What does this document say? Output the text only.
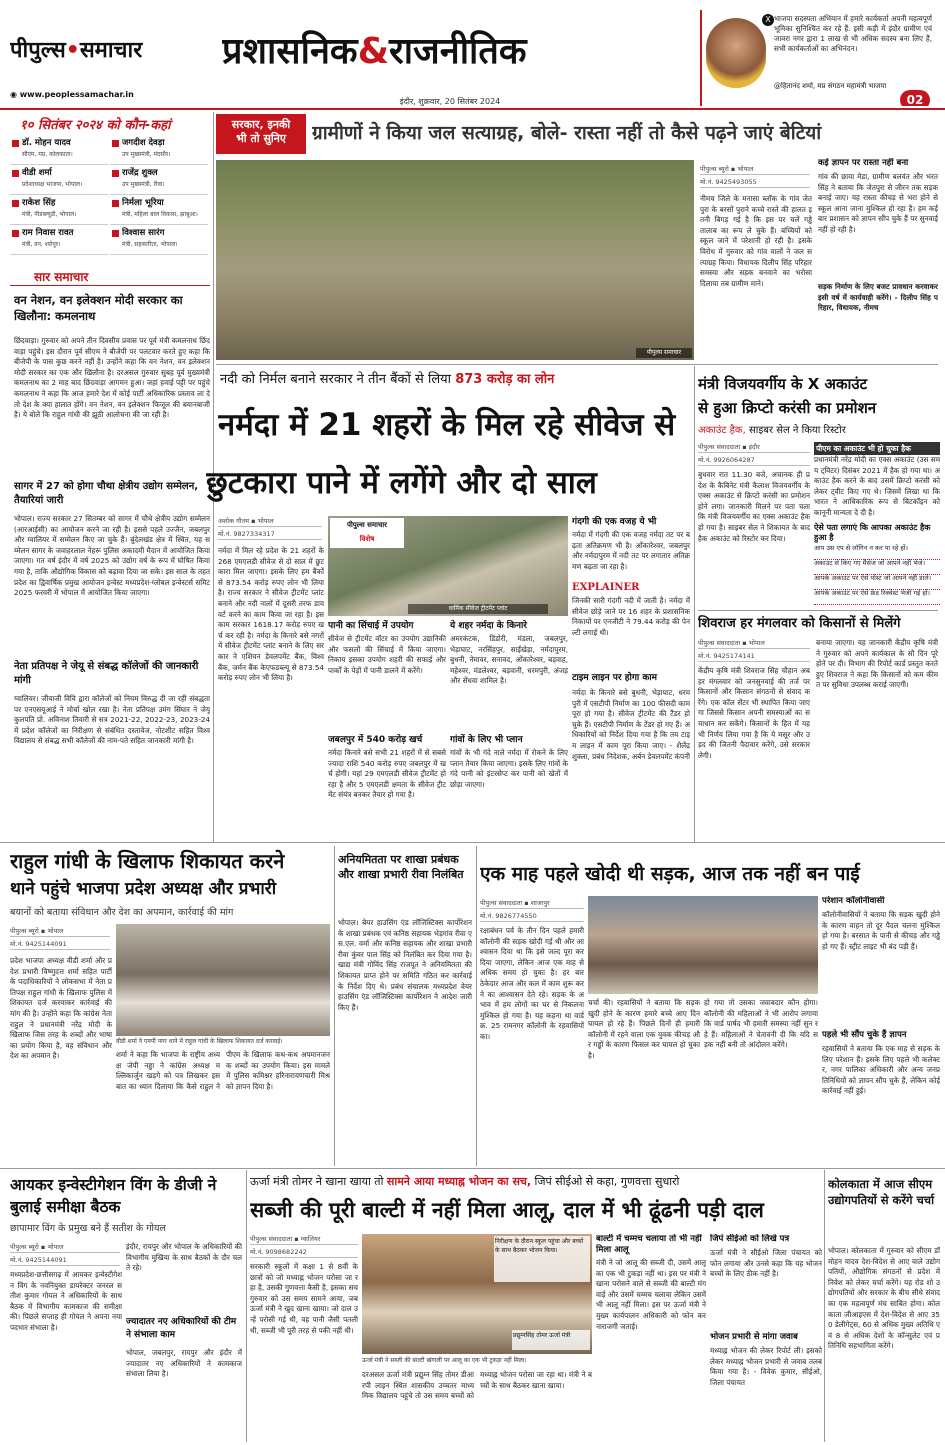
पीपुल्स•समाचार	प्रशासनिक&राजनीतिक
◉ www.peoplessamachar.in
इंदौर, शुक्रवार, 20 सितंबर 2024
X भाजपा सदस्यता अभियान में हमारे कार्यकर्ता अपनी महत्वपूर्ण भूमिका सुनिश्चित कर रहे हैं. इसी कड़ी में इंदौर ग्रामीण एवं जावरा नगर द्वारा 1 लाख से भी अधिक सदस्य बना लिए हैं, सभी कार्यकर्ताओं का अभिनंदन।
@हितानंद शर्मा, मप्र संगठन महामंत्री भाजपा
02
१० सितंबर २०२४ को कौन-कहां
डॉ. मोहन यादव
सीएम, मप्र, कोलकाता।
जगदीश देवड़ा
उप मुख्यमंत्री, मंदसौर।
वीडी शर्मा
प्रदेशाध्यक्ष भाजपा, भोपाल।
राजेंद्र शुक्ल
उप मुख्यमंत्री, रीवा।
राकेश सिंह
मंत्री, पीडब्ल्यूडी, भोपाल।
निर्मला भूरिया
मंत्री, महिला बाल विकास, झाबुआ।
राम निवास रावत
मंत्री, वन, श्योपुर।
विश्वास सारंग
मंत्री, सहकारिता, भोपाल।
सार समाचार
वन नेशन, वन इलेक्शन मोदी सरकार का खिलौना: कमलनाथ
छिंदवाड़ा। गुरुवार को अपने तीन दिवसीय प्रवास पर पूर्व मंत्री कमलनाथ छिंदवाड़ा पहुंचे। इस दौरान पूर्व सीएम ने बीजेपी पर पलटवार करते हुए कहा कि बीजेपी के पास कुछ करने नहीं है। उन्होंने कहा कि वन नेशन, वन इलेक्शन मोदी सरकार का एक और खिलौना है। दरअसल गुरुवार सुबह पूर्व मुख्यमंत्री कमलनाथ का 2 माह बाद छिंदवाड़ा आगमन हुआ। जहां हवाई पट्टी पर पहुंचे कमलनाथ ने कहा कि आज हमारे देश में कोई पार्टी अधिकारिक प्रस्ताव ला दे तो देश के क्या हालात होंगे। वन नेशन, वन इलेक्शन फिजूल की बयानबाजी है। ये बोले कि राहुल गांधी की झूठी आलोचना की जा रही है।
सागर में 27 को होगा चौथा क्षेत्रीय उद्योग सम्मेलन, तैयारियां जारी
भोपाल। राज्य सरकार 27 सितम्बर को सागर में चौथे क्षेत्रीय उद्योग सम्मेलन (आरआईसी) का आयोजन करने जा रही है। इससे पहले उज्जैन, जबलपुर और ग्वालियर में सम्मेलन किए जा चुके हैं। बुंदेलखंड क्षेत्र में स्थित, यह सम्मेलन सागर के जवाहरलाल नेहरू पुलिस अकादमी मैदान में आयोजित किया जाएगा। गत वर्ष इंदौर में वर्ष 2025 को उद्योग वर्ष के रूप में घोषित किया गया है, ताकि औद्योगिक विकास को बढ़ावा दिया जा सके। इस साल के तहत प्रदेश का द्विवार्षिक प्रमुख आयोजन इन्वेस्ट मध्यप्रदेश-ग्लोबल इन्वेस्टर्स समिट 2025 फरवरी में भोपाल में आयोजित किया जाएगा।
नेता प्रतिपक्ष ने जेयू से संबद्ध कॉलेजों की जानकारी मांगी
ग्वालियर। जीवाजी विवि द्वारा कॉलेजों को नियम विरुद्ध दी जा रही संबद्धता पर एनएसयूआई ने मोर्चा खोल रखा है। नेता प्रतिपक्ष उमंग सिंघार ने जेयू कुलपति प्रो. अविनाश तिवारी से सत्र 2021-22, 2022-23, 2023-24 में प्रदेश कॉलेजों का निरीक्षण से संबंधित दस्तावेज, नोटशीट सहित विश्वविद्यालय से संबद्ध सभी कॉलेजों की नाम-पते सहित जानकारी मांगी है।
सरकार, इनकी
भी तो सुनिए	ग्रामीणों ने किया जल सत्याग्रह, बोले- रास्ता नहीं तो कैसे पढ़ने जाएं बेटियां
पीपुल्स समाचार
पीपुल्स ब्यूरो ▪ भोपाल
मो.नं. 9425493055
नीमच जिले के मनासा ब्लॉक के गांव जेतपुरा के बरसों पुराने कच्चे रास्ते की हालत इतनी बिगड़ गई है कि इस पर चलें गड्ढे तालाब का रूप ले चुके हैं। बच्चियों को स्कूल जाने में परेशानी हो रही है। इसके विरोध में गुरुवार को गांव वालों ने जल सत्याग्रह किया। विधायक दिलीप सिंह परिहार समस्या और सड़क बनवाने का भरोसा दिलाया तब ग्रामीण माने।
कई ज्ञापन पर रास्ता नहीं बना
गांव की छाया मेडा, ग्रामीण बलवंत और भरत सिंह ने बताया कि जेतपुरा से जीरन तक सड़क बनाई जाए। यह रास्ता कीचड़ से भरा होने से स्कूल आना जाना मुश्किल हो रहा है। हम कई बार प्रशासन को ज्ञापन सौंप चुके हैं पर सुनवाई नहीं हो रही है।
सड़क निर्माण के लिए बजट प्रावधान करवाकर इसी वर्ष में कार्यवाही करेंगे। - दिलीप सिंह परिहार, विधायक, नीमच
नदी को निर्मल बनाने सरकार ने तीन बैंकों से लिया 873 करोड़ का लोन
नर्मदा में 21 शहरों के मिल रहे सीवेज से
छुटकारा पाने में लगेंगे और दो साल
अशोक गौतम ▪ भोपाल
मो.नं. 9827334317
नर्मदा में मिल रहे प्रदेश के 21 शहरों के 268 एमएलडी सीवेज से दो साल में छुटकारा मिल जाएगा। इसके लिए हम बैंकों से 873.54 करोड़ रुपए लोन भी लिया है। राज्य सरकार ने सीवेज ट्रीटमेंट प्लांट बनाने और नदी नालों में दूसरी तरफ डायवर्ट करने का काम किया जा रहा है। इस काम सरकार 1618.17 करोड़ रुपए खर्च कर रही है। नर्मदा के किनारे बसे नगरों में सीवेज ट्रीटमेंट प्लांट बनाने के लिए सरकार ने एशियन डेवलपमेंट बैंक, विश्व बैंक, जर्मन बैंक केएफडब्ल्यू से 873.54 करोड़ रुपए लोन भी लिया है।
पीपुल्स समाचार
विशेष
धार्मिक सीवेज ट्रीटमेंट प्लांट
पानी का सिंचाई में उपयोग
सीवेज से ट्रीटमेंट वॉटर का उपयोग उद्यानिकी और फसलों की सिंचाई में किया जाएगा। निकाय इसका उपयोग शहरी की सफाई और पार्कों के पेड़ों में पानी डालने में करेंगे।
जबलपुर में 540 करोड़ खर्च
नर्मदा किनारे बसे सभी 21 शहरों में से सबसे ज्यादा राशि 540 करोड़ रुपए जबलपुर में खर्च होगी। यहां 29 एमएलडी सीवेज ट्रीटमेंट हो रहा है और 5 एमएलडी क्षमता के सीवेज ट्रीटमेंट संयंत्र बनकर तैयार हो गया है।
ये शहर नर्मदा के किनारे
अमरकंटक, डिंडोरी, मंडला, जबलपुर, भेड़ाघाट, नरसिंहपुर, साईंखेड़ा, नर्मदापुरम, बुधनी, नेमावर, सनावद, ओंकारेश्वर, बड़वाह, महेश्वर, मंडलेश्वर, बड़वानी, धरमपुरी, अंजड़ और सेंधवा शामिल है।
गांवों के लिए भी प्लान
गांवों के भी गंदे नाले नर्मदा में रोकने के लिए प्लान तैयार किया जाएगा। इसके लिए गांवों के गंदे पानी को इंटरसेप्ट कर पानी को खेतों में छोड़ा जाएगा।
गंदगी की एक वजह ये भी
नर्मदा में गंदगी की एक वजह नर्मदा तट पर बढ़ता अतिक्रमण भी है। ओंकारेश्वर, जबलपुर और नर्मदापुरम में नदी तट पर लगातार अतिक्रमण बढ़ता जा रहा है।
EXPLAINER
जिनकी सारी गंदगी नदी में जाती है। नर्मदा में सीवेज छोड़े जाने पर 16 शहर के प्रशासनिक निकायों पर एनजीटी ने 79.44 करोड़ की पेनल्टी लगाई थी।
टाइम लाइन पर होगा काम
नर्मदा के किनारे बसे बुधनी, भेड़ाघाट, धरमपुरी में एसटीपी निर्माण का 100 फीसदी काम पूरा हो गया है। सीवेज ट्रीटमेंट की टैंडर हो चुके हैं। एसटीपी निर्माण के टेंडर हो गए हैं। अधिकारियों को निर्देश दिया गया है कि तय टाइम लाइन में काम पूरा किया जाए। - शैलेंद्र शुक्ला, प्रबंध निदेशक, अर्बन डेवलपमेंट कंपनी
मंत्री विजयवर्गीय के X अकाउंट
से हुआ क्रिप्टो करंसी का प्रमोशन
अकाउंट हैक, साइबर सेल ने किया रिस्टोर
पीपुल्स संवाददाता ▪ इंदौर
मो.नं. 9926064287
बुधवार रात 11.30 बजे, अचानक ही प्रदेश के कैबिनेट मंत्री कैलाश विजयवर्गीय के एक्स अकाउंट से क्रिप्टो करंसी का प्रमोशन होने लगा। जानकारी मिलने पर पता चला कि मंत्री विजयवर्गीय का एक्स अकाउंट हैक हो गया है। साइबर सेल ने शिकायत के बाद हैक अकाउंट को रिस्टोर कर दिया।
पीएम का अकाउंट भी हो चुका हैक
प्रधानमंत्री नरेंद्र मोदी का एक्स अकाउंट (उस समय ट्विटर) दिसंबर 2021 में हैक हो गया था। अकाउंट हैक करने के बाद उसमें क्रिप्टो करंसी को लेकर ट्वीट किए गए थे। जिसमें लिखा था कि भारत ने आधिकारिक रूप से बिटकॉइन को कानूनी मान्यता दे दी है।
ऐसे पता लगाएं कि आपका अकाउंट हैक हुआ है
आप उस एप से लॉगिन न कर पा रहे हों।
अकाउंट से किए गए मैसेज जो आपने नहीं भेजे।
आपके अकाउंट पर ऐसे पोस्ट जो आपने नहीं डाले।
आपके अकाउंट पर ऐसे फ्रेंड रिक्वेस्ट भेजी गई हों।
शिवराज हर मंगलवार को किसानों से मिलेंगे
पीपुल्स संवाददाता ▪ भोपाल
मो.नं. 9425174141
केंद्रीय कृषि मंत्री शिवराज सिंह चौहान अब हर मंगलवार को जनसुनवाई की तर्ज पर किसानों और किसान संगठनों से संवाद करेंगे। एक कॉल सेंटर भी स्थापित किया जाएगा जिससे किसान अपनी समस्याओं का समाधान कर सकेंगे। किसानों के हित में यह भी निर्णय लिया गया है कि ये मसूर और उड़द की जितनी पैदावार करेंगे, उसे सरकार लेगी।
बनाया जाएगा। यह जानकारी केंद्रीय कृषि मंत्री ने गुरुवार को अपने कार्यकाल के सौ दिन पूरे होने पर दी। विभाग की रिपोर्ट कार्ड प्रस्तुत करते हुए शिवराज ने कहा कि किसानों को कम कीमत पर सुविधा उपलब्ध कराई जाएगी।
राहुल गांधी के खिलाफ शिकायत करने
थाने पहुंचे भाजपा प्रदेश अध्यक्ष और प्रभारी
बयानों को बताया संविधान और देश का अपमान, कार्रवाई की मांग
पीपुल्स ब्यूरो ▪ भोपाल
मो.नं. 9425144091
प्रदेश भाजपा अध्यक्ष वीडी शर्मा और प्रदेश प्रभारी विष्णुदत्त शर्मा सहित पार्टी के पदाधिकारियों ने लोकसभा में नेता प्रतिपक्ष राहुल गांधी के खिलाफ पुलिस में शिकायत दर्ज करवाकर कार्रवाई की मांग की है। उन्होंने कहा कि कांग्रेस नेता राहुल ने प्रधानमंत्री नरेंद्र मोदी के खिलाफ जिस तरह के शब्दों और भाषा का प्रयोग किया है, वह संविधान और देश का अपमान है।
वीडी शर्मा ने एमपी नगर थाने में राहुल गांधी के खिलाफ शिकायत दर्ज करवाई।
शर्मा ने कहा कि भाजपा के राष्ट्रीय अध्यक्ष जेपी नड्डा ने कांग्रेस अध्यक्ष मल्लिकार्जुन खड़गे को पत्र लिखकर इस बात का ध्यान दिलाया कि कैसे राहुल ने पीएम के खिलाफ कथ-कथ अपमानजनक शब्दों का उपयोग किया। इस मामले में पुलिस कमिश्नर हरिनारायणचारी मिश्र को ज्ञापन दिया है।
अनियमितता पर शाखा प्रबंधक और शाखा प्रभारी रीवा निलंबित
भोपाल। बेयर हाउसिंग एंड लॉजिस्टिक्स कार्पोरेशन के शाखा प्रबंधक एवं कनिष्ठ सहायक भेड़गांव रीवा एस.एल. वर्मा और कनिष्ठ सहायक और शाखा प्रभारी रीवा कुंवर पाल सिंह को निलंबित कर दिया गया है। खाद्य मंत्री गोविंद सिंह राजपूत ने अनियमितता की शिकायत प्राप्त होने पर समिति गठित कर कार्रवाई के निर्देश दिए थे। प्रबंध संचालक मध्यप्रदेश वेयर हाउसिंग एंड लॉजिस्टिक्स कार्पोरेशन ने आदेश जारी किए हैं।
एक माह पहले खोदी थी सड़क, आज तक नहीं बन पाई
पीपुल्स संवाददाता ▪ शाजापुर
मो.नं. 9826774550
रक्षाबंधन पर्व के तीन दिन पहले हमारी कॉलोनी की सड़क खोदी गई थी और आश्वासन दिया था कि इसे जल्द पूरा कर दिया जाएगा, लेकिन आज एक माह से अधिक समय हो चुका है। हर बार ठेकेदार आज और कल में काम शुरू करने का आश्वासन देते रहे। सड़क के अभाव में हम लोगों का घर से निकलना मुश्किल हो गया है। यह कहना था वार्ड क्र. 25 रामनगर कॉलोनी के रहवासियों का।
चर्चा की। रहवासियों ने बताया कि सड़क खुदी होने के कारण हमारे बच्चे आए दिन घायल हो रहे हैं। पिछले दिनों ही हमारी कॉलोनी में रहने वाला एक युवक कीचड़ और गड्ढों के कारण फिसल कर घायल हो चुका है।
हो गया तो उसका जवाबदार कौन होगा। कॉलोनी की महिलाओं ने भी आरोप लगाया कि वार्ड पार्षद भी हमारी समस्या नहीं सुन रहे हैं। महिलाओं ने चेतावनी दी कि यदि सड़क नहीं बनी तो आंदोलन करेंगे।
परेशान कॉलोनीवासी
कॉलोनीवासियों ने बताया कि सड़क खुदी होने के कारण वाहन तो दूर पैदल चलना मुश्किल हो गया है। बरसात के पानी से कीचड़ और गड्ढे हो गए हैं। स्ट्रीट लाइट भी बंद पड़ी हैं।
पहले भी सौंप चुके हैं ज्ञापन
रहवासियों ने बताया कि एक माह से सड़क के लिए परेशान हैं। इसके लिए पहले भी कलेक्टर, नगर पालिका अधिकारी और अन्य जनप्रतिनिधियों को ज्ञापन सौंप चुके हैं, लेकिन कोई कार्रवाई नहीं हुई।
आयकर इन्वेस्टीगेशन विंग के डीजी ने बुलाई समीक्षा बैठक
छापामार विंग के प्रमुख बने हैं सतीश के गोयल
पीपुल्स ब्यूरो ▪ भोपाल
मो.नं. 9425144091
मध्यप्रदेश-छत्तीसगढ़ में आयकर इन्वेस्टीगेशन विंग के नवनियुक्त डायरेक्टर जनरल सतीश कुमार गोयल ने अधिकारियों के साथ बैठक में विभागीय कामकाज की समीक्षा की। पिछले सप्ताह ही गोयल ने अपना नया पदभार संभाला है।
इंदौर, रायपुर और भोपाल के अधिकारियों की विभागीय मुखिया के साथ बैठकों के दौर चलते रहे।
ज्यादातर नए अधिकारियों की टीम ने संभाला काम
भोपाल, जबलपुर, रायपुर और इंदौर में ज्यादातर नए अधिकारियों ने कामकाज संभाला लिया है।
ऊर्जा मंत्री तोमर ने खाना खाया तो सामने आया मध्याह्न भोजन का सच, जिपं सीईओ से कहा, गुणवत्ता सुधारो
सब्जी की पूरी बाल्टी में नहीं मिला आलू, दाल में भी ढूंढनी पड़ी दाल
पीपुल्स संवाददाता ▪ ग्वालियर
मो.नं. 9098682242
सरकारी स्कूलों में कक्षा 1 से 8वीं के छात्रों को जो मध्याह्न भोजन परोसा जा रहा है, उसकी गुणवत्ता कैसी है, इसका सच गुरुवार को उस समय सामने आया, जब ऊर्जा मंत्री ने खुद खाना खाया। जो दाल उन्हें परोसी गई थी, वह पानी जैसी पतली थी, सब्जी भी पूरी तरह से पकी नहीं थी।
निरीक्षण के दौरान स्कूल पहुंचा और बच्चों के साथ बैठकर भोजन किया।
प्रद्युम्नसिंह तोमर ऊर्जा मंत्री
ऊर्जा मंत्री ने सब्जी की बाल्टी खंगाली पर आलू का एक भी टुकड़ा नहीं मिला।
दरअसल ऊर्जा मंत्री प्रद्युम्न सिंह तोमर डीआरपी लाइन स्थित शासकीय उच्चतर माध्यमिक विद्यालय पहुंचे तो उस समय बच्चों को मध्याह्न भोजन परोसा जा रहा था। मंत्री ने बच्चों के साथ बैठकर खाना खाया।
बाल्टी में चम्मच चलाया तो भी नहीं मिला आलू
मंत्री ने जो आलू की सब्जी दी, उसमें आलू का एक भी टुकड़ा नहीं था। इस पर मंत्री ने खाना परोसने वाले से सब्जी की बाल्टी मंगवाई और उसमें चम्मच चलाया लेकिन उसमें भी आलू नहीं मिला। इस पर ऊर्जा मंत्री ने मुख्य कार्यपालन अधिकारी को फोन कर नाराजगी जताई।
जिपं सीईओ को लिखे पत्र
ऊर्जा मंत्री ने सीईओ जिला पंचायत को फोन लगाया और उनसे कहा कि यह भोजन बच्चों के लिए ठीक नहीं है।
भोजन प्रभारी से मांगा जवाब
मध्याह्न भोजन की लेकर रिपोर्ट ली। इसको लेकर मध्याह्न भोजन प्रभारी से जवाब तलब किया गया है। - विवेक कुमार, सीईओ, जिला पंचायत
कोलकाता में आज सीएम उद्योगपतियों से करेंगे चर्चा
भोपाल। कोलकाता में गुरुवार को सीएम डॉ मोहन यादव देश-विदेश से आए वाले उद्योगपतियों, औद्योगिक संगठनों से प्रदेश में निवेश को लेकर चर्चा करेंगे। यह रोड शो उद्योगपतियों और सरकार के बीच सीधे संवाद का एक महत्वपूर्ण मंच साबित होगा। कोलकाता जीआइएस में देश-विदेश से आए 350 डेलीगेट्स, 60 से अधिक मुख्य अतिथि एवं 8 से अधिक देशों के कॉन्सुलेट एवं प्रतिनिधि सहभागिता करेंगे।
